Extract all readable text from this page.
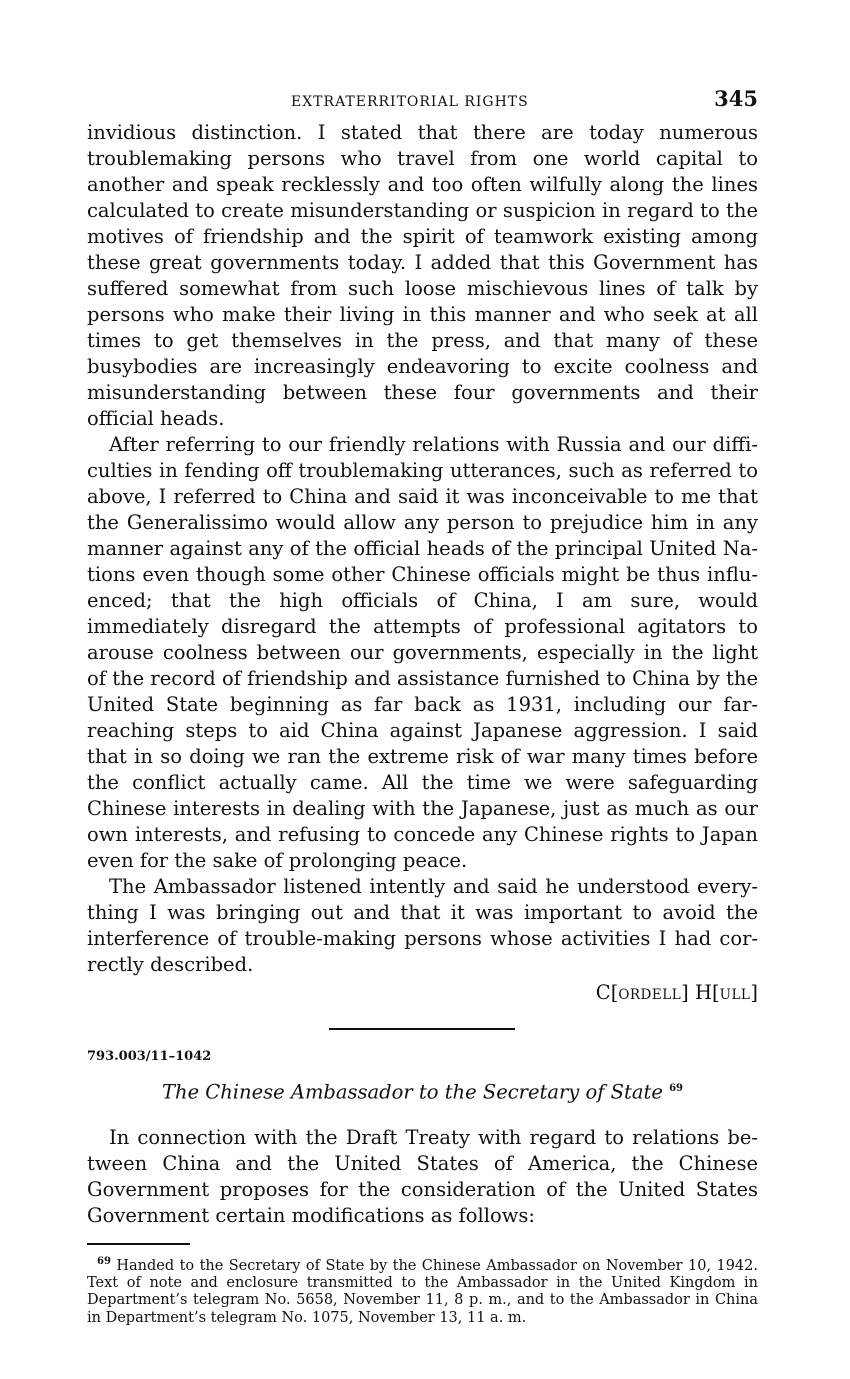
EXTRATERRITORIAL RIGHTS	345

invidious distinction. I stated that there are today numerous troublemaking persons who travel from one world capital to another and speak recklessly and too often wilfully along the lines calculated to create misunderstanding or suspicion in regard to the motives of friendship and the spirit of teamwork existing among these great governments today. I added that this Government has suffered somewhat from such loose mischievous lines of talk by persons who make their living in this manner and who seek at all times to get themselves in the press, and that many of these busybodies are increasingly endeavoring to excite coolness and misunderstanding between these four governments and their official heads.

After referring to our friendly relations with Russia and our difficulties in fending off troublemaking utterances, such as referred to above, I referred to China and said it was inconceivable to me that the Generalissimo would allow any person to prejudice him in any manner against any of the official heads of the principal United Nations even though some other Chinese officials might be thus influenced; that the high officials of China, I am sure, would immediately disregard the attempts of professional agitators to arouse coolness between our governments, especially in the light of the record of friendship and assistance furnished to China by the United State beginning as far back as 1931, including our far-reaching steps to aid China against Japanese aggression. I said that in so doing we ran the extreme risk of war many times before the conflict actually came. All the time we were safeguarding Chinese interests in dealing with the Japanese, just as much as our own interests, and refusing to concede any Chinese rights to Japan even for the sake of prolonging peace.

The Ambassador listened intently and said he understood everything I was bringing out and that it was important to avoid the interference of trouble-making persons whose activities I had correctly described.

C[ORDELL] H[ULL]
793.003/11–1042
The Chinese Ambassador to the Secretary of State $^{69}$

In connection with the Draft Treaty with regard to relations between China and the United States of America, the Chinese Government proposes for the consideration of the United States Government certain modifications as follows:

$^{69}$ Handed to the Secretary of State by the Chinese Ambassador on November 10, 1942. Text of note and enclosure transmitted to the Ambassador in the United Kingdom in Department’s telegram No. 5658, November 11, 8 p. m., and to the Ambassador in China in Department’s telegram No. 1075, November 13, 11 a. m.
